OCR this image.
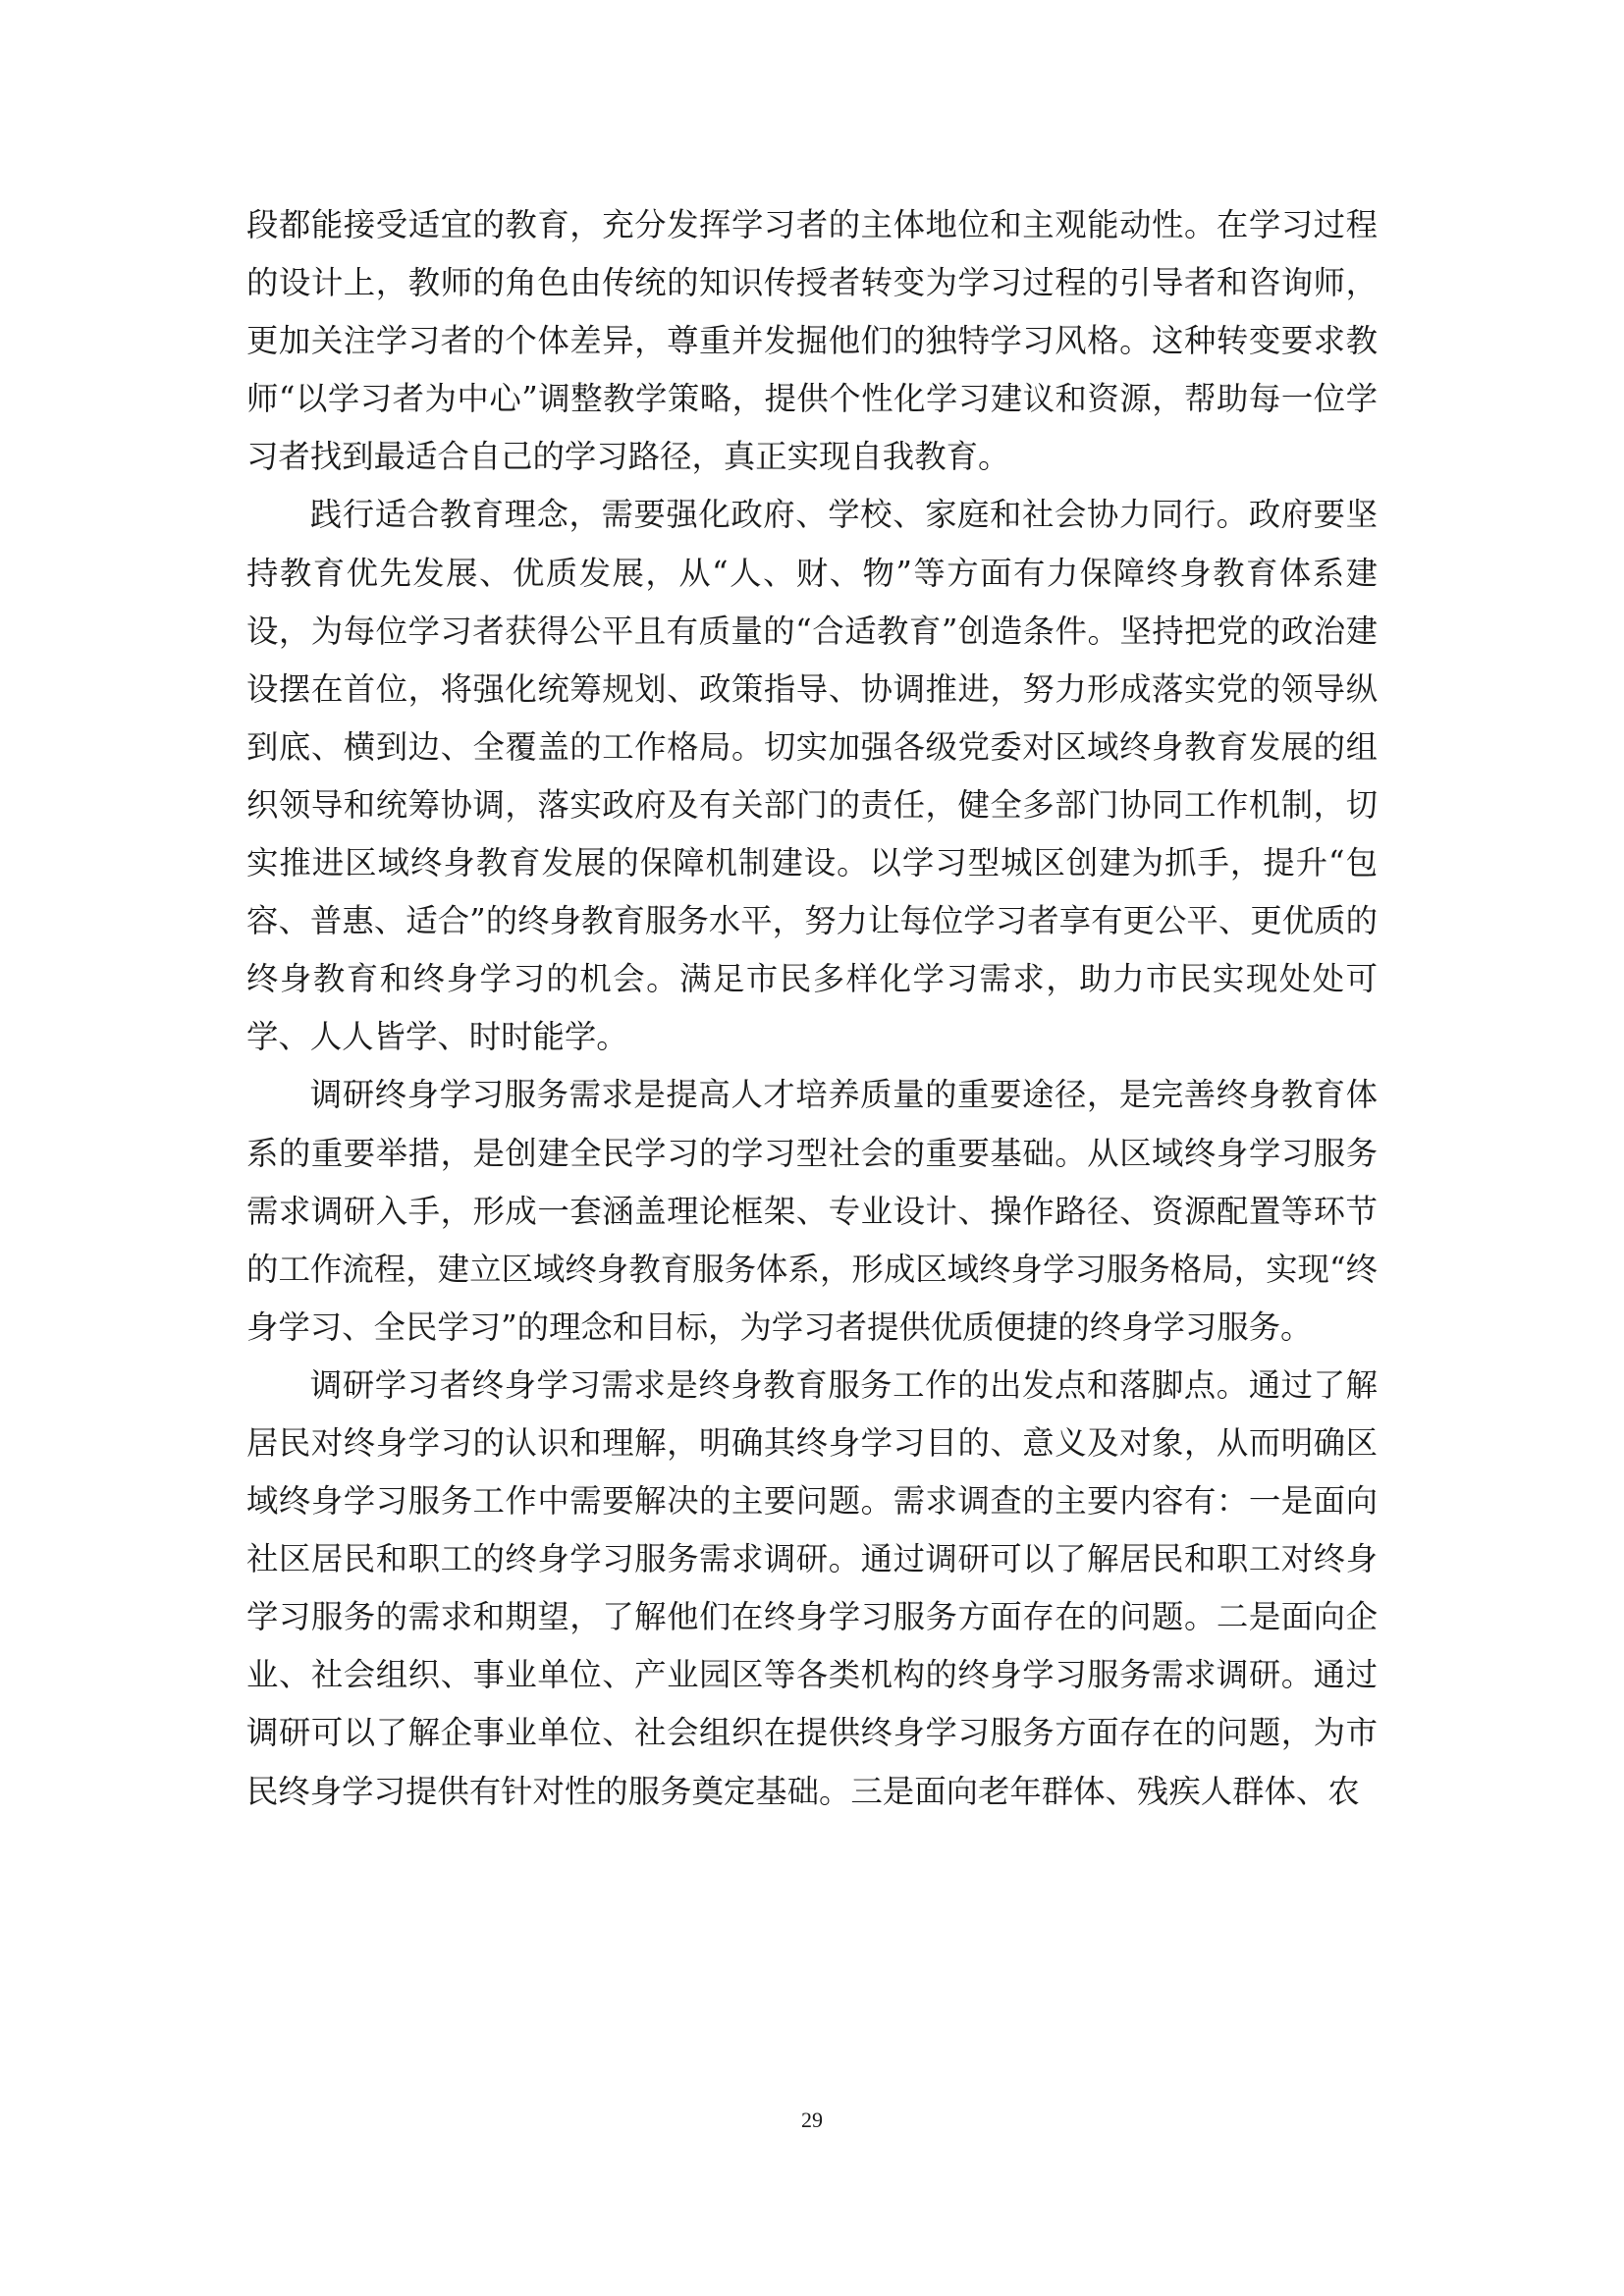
段都能接受适宜的教育，充分发挥学习者的主体地位和主观能动性。在学习过程的设计上，教师的角色由传统的知识传授者转变为学习过程的引导者和咨询师，更加关注学习者的个体差异，尊重并发掘他们的独特学习风格。这种转变要求教师“以学习者为中心”调整教学策略，提供个性化学习建议和资源，帮助每一位学习者找到最适合自己的学习路径，真正实现自我教育。

践行适合教育理念，需要强化政府、学校、家庭和社会协力同行。政府要坚持教育优先发展、优质发展，从“人、财、物”等方面有力保障终身教育体系建设，为每位学习者获得公平且有质量的“合适教育”创造条件。坚持把党的政治建设摆在首位，将强化统筹规划、政策指导、协调推进，努力形成落实党的领导纵到底、横到边、全覆盖的工作格局。切实加强各级党委对区域终身教育发展的组织领导和统筹协调，落实政府及有关部门的责任，健全多部门协同工作机制，切实推进区域终身教育发展的保障机制建设。以学习型城区创建为抓手，提升“包容、普惠、适合”的终身教育服务水平，努力让每位学习者享有更公平、更优质的终身教育和终身学习的机会。满足市民多样化学习需求，助力市民实现处处可学、人人皆学、时时能学。

调研终身学习服务需求是提高人才培养质量的重要途径，是完善终身教育体系的重要举措，是创建全民学习的学习型社会的重要基础。从区域终身学习服务需求调研入手，形成一套涵盖理论框架、专业设计、操作路径、资源配置等环节的工作流程，建立区域终身教育服务体系，形成区域终身学习服务格局，实现“终身学习、全民学习”的理念和目标，为学习者提供优质便捷的终身学习服务。

调研学习者终身学习需求是终身教育服务工作的出发点和落脚点。通过了解居民对终身学习的认识和理解，明确其终身学习目的、意义及对象，从而明确区域终身学习服务工作中需要解决的主要问题。需求调查的主要内容有：一是面向社区居民和职工的终身学习服务需求调研。通过调研可以了解居民和职工对终身学习服务的需求和期望，了解他们在终身学习服务方面存在的问题。二是面向企业、社会组织、事业单位、产业园区等各类机构的终身学习服务需求调研。通过调研可以了解企事业单位、社会组织在提供终身学习服务方面存在的问题，为市民终身学习提供有针对性的服务奠定基础。三是面向老年群体、残疾人群体、农

29
